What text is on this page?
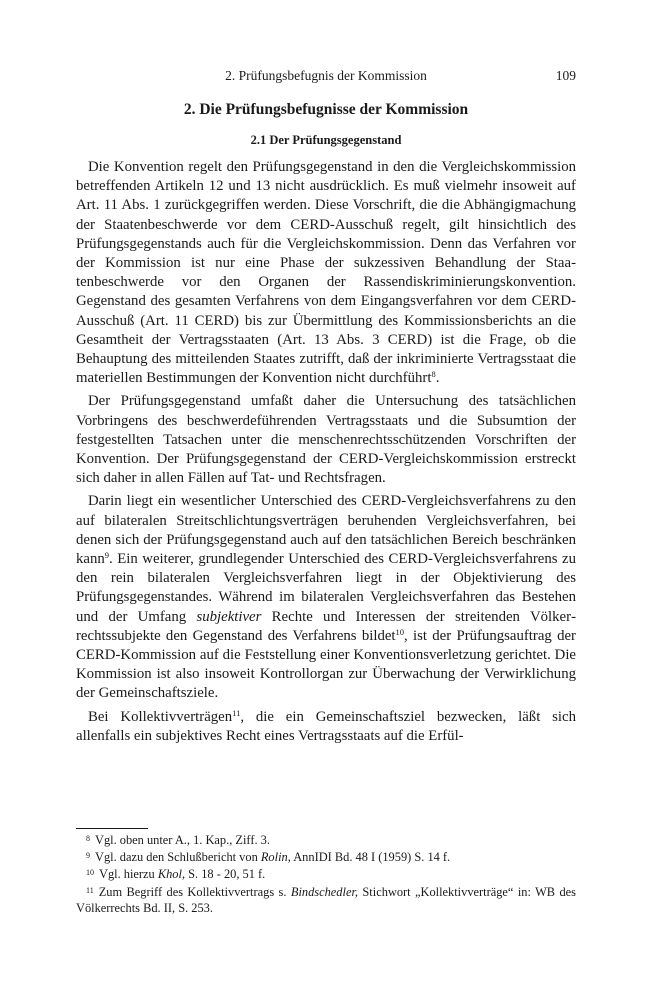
2. Prüfungsbefugnis der Kommission	109
2. Die Prüfungsbefugnisse der Kommission
2.1 Der Prüfungsgegenstand

Die Konvention regelt den Prüfungsgegenstand in den die Vergleichskommission betreffenden Artikeln 12 und 13 nicht ausdrücklich. Es muß vielmehr insoweit auf Art. 11 Abs. 1 zurückgegriffen werden. Diese Vorschrift, die die Abhängigmachung der Staatenbeschwerde vor dem CERD-Ausschuß regelt, gilt hinsichtlich des Prüfungsgegenstands auch für die Vergleichskommission. Denn das Verfahren vor der Kommission ist nur eine Phase der sukzessiven Behandlung der Staatenbeschwerde vor den Organen der Rassendiskriminierungskonvention. Gegenstand des gesamten Verfahrens von dem Eingangsverfahren vor dem CERD-Ausschuß (Art. 11 CERD) bis zur Übermittlung des Kommissionsberichts an die Gesamtheit der Vertragsstaaten (Art. 13 Abs. 3 CERD) ist die Frage, ob die Behauptung des mitteilenden Staates zutrifft, daß der inkriminierte Vertragsstaat die materiellen Bestimmungen der Konvention nicht durchführt$^8$.

Der Prüfungsgegenstand umfaßt daher die Untersuchung des tatsächlichen Vorbringens des beschwerdeführenden Vertragsstaats und die Subsumtion der festgestellten Tatsachen unter die menschenrechtsschützenden Vorschriften der Konvention. Der Prüfungsgegenstand der CERD-Vergleichskommission erstreckt sich daher in allen Fällen auf Tat- und Rechtsfragen.

Darin liegt ein wesentlicher Unterschied des CERD-Vergleichsverfahrens zu den auf bilateralen Streitschlichtungsverträgen beruhenden Vergleichsverfahren, bei denen sich der Prüfungsgegenstand auch auf den tatsächlichen Bereich beschränken kann$^9$. Ein weiterer, grundlegender Unterschied des CERD-Vergleichsverfahrens zu den rein bilateralen Vergleichsverfahren liegt in der Objektivierung des Prüfungsgegenstandes. Während im bilateralen Vergleichsverfahren das Bestehen und der Umfang subjektiver Rechte und Interessen der streitenden Völkerrechtssubjekte den Gegenstand des Verfahrens bildet$^{10}$, ist der Prüfungsauftrag der CERD-Kommission auf die Feststellung einer Konventionsverletzung gerichtet. Die Kommission ist also insoweit Kontrollorgan zur Überwachung der Verwirklichung der Gemeinschaftsziele.

Bei Kollektivverträgen$^{11}$, die ein Gemeinschaftsziel bezwecken, läßt sich allenfalls ein subjektives Recht eines Vertragsstaats auf die Erfül-

$^8$ Vgl. oben unter A., 1. Kap., Ziff. 3.

$^9$ Vgl. dazu den Schlußbericht von Rolin, AnnIDI Bd. 48 I (1959) S. 14 f.

$^{10}$ Vgl. hierzu Khol, S. 18 - 20, 51 f.

$^{11}$ Zum Begriff des Kollektivvertrags s. Bindschedler, Stichwort „Kollektivverträge“ in: WB des Völkerrechts Bd. II, S. 253.
